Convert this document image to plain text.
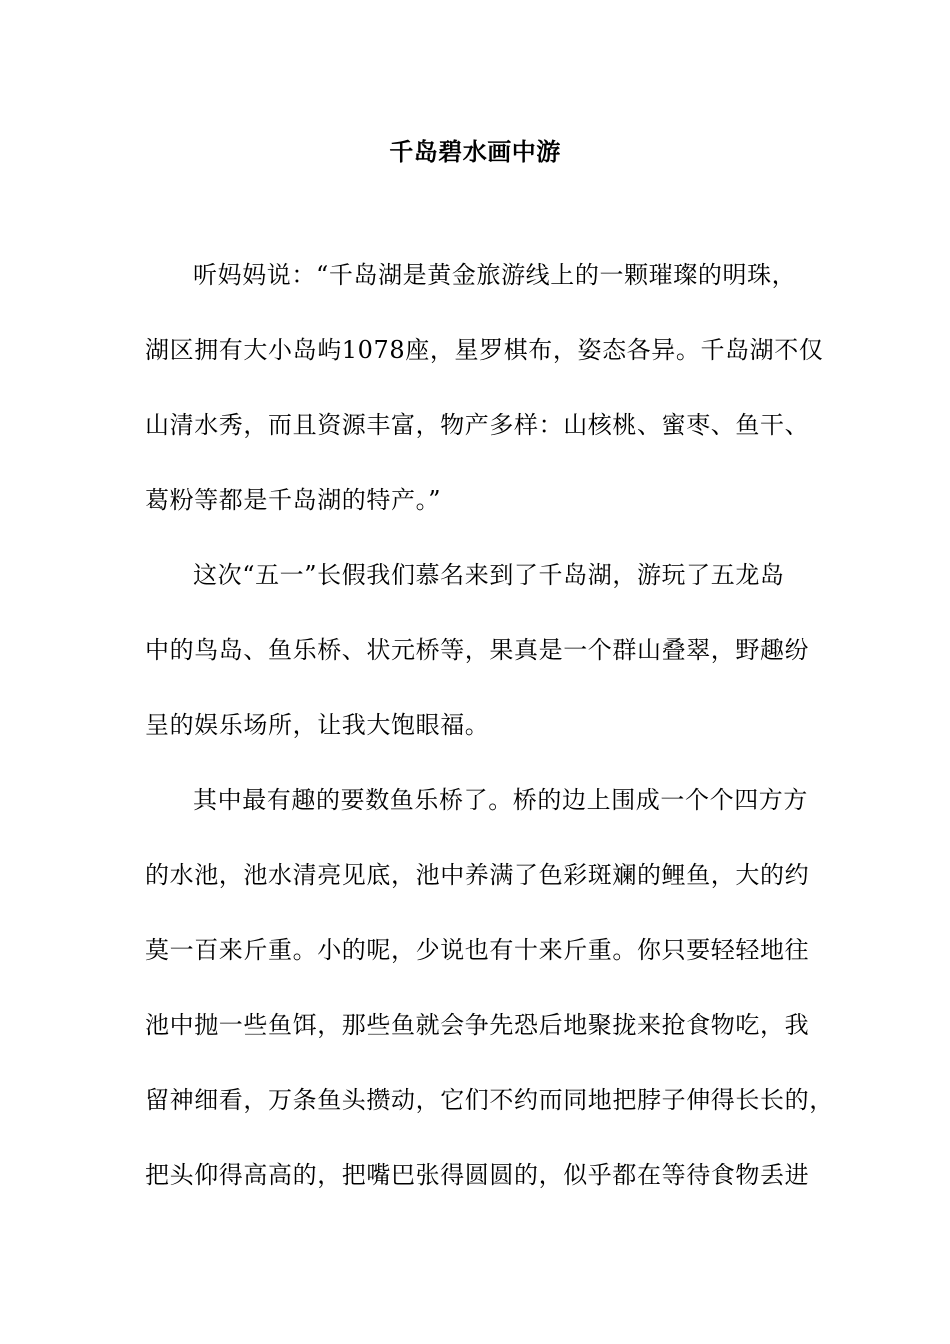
千岛碧水画中游
听妈妈说：“千岛湖是黄金旅游线上的一颗璀璨的明珠，
湖区拥有大小岛屿1078座，星罗棋布，姿态各异。千岛湖不仅
山清水秀，而且资源丰富，物产多样：山核桃、蜜枣、鱼干、
葛粉等都是千岛湖的特产。”
这次“五一”长假我们慕名来到了千岛湖，游玩了五龙岛
中的鸟岛、鱼乐桥、状元桥等，果真是一个群山叠翠，野趣纷
呈的娱乐场所，让我大饱眼福。
其中最有趣的要数鱼乐桥了。桥的边上围成一个个四方方
的水池，池水清亮见底，池中养满了色彩斑斓的鲤鱼，大的约
莫一百来斤重。小的呢，少说也有十来斤重。你只要轻轻地往
池中抛一些鱼饵，那些鱼就会争先恐后地聚拢来抢食物吃，我
留神细看，万条鱼头攒动，它们不约而同地把脖子伸得长长的，
把头仰得高高的，把嘴巴张得圆圆的，似乎都在等待食物丢进
